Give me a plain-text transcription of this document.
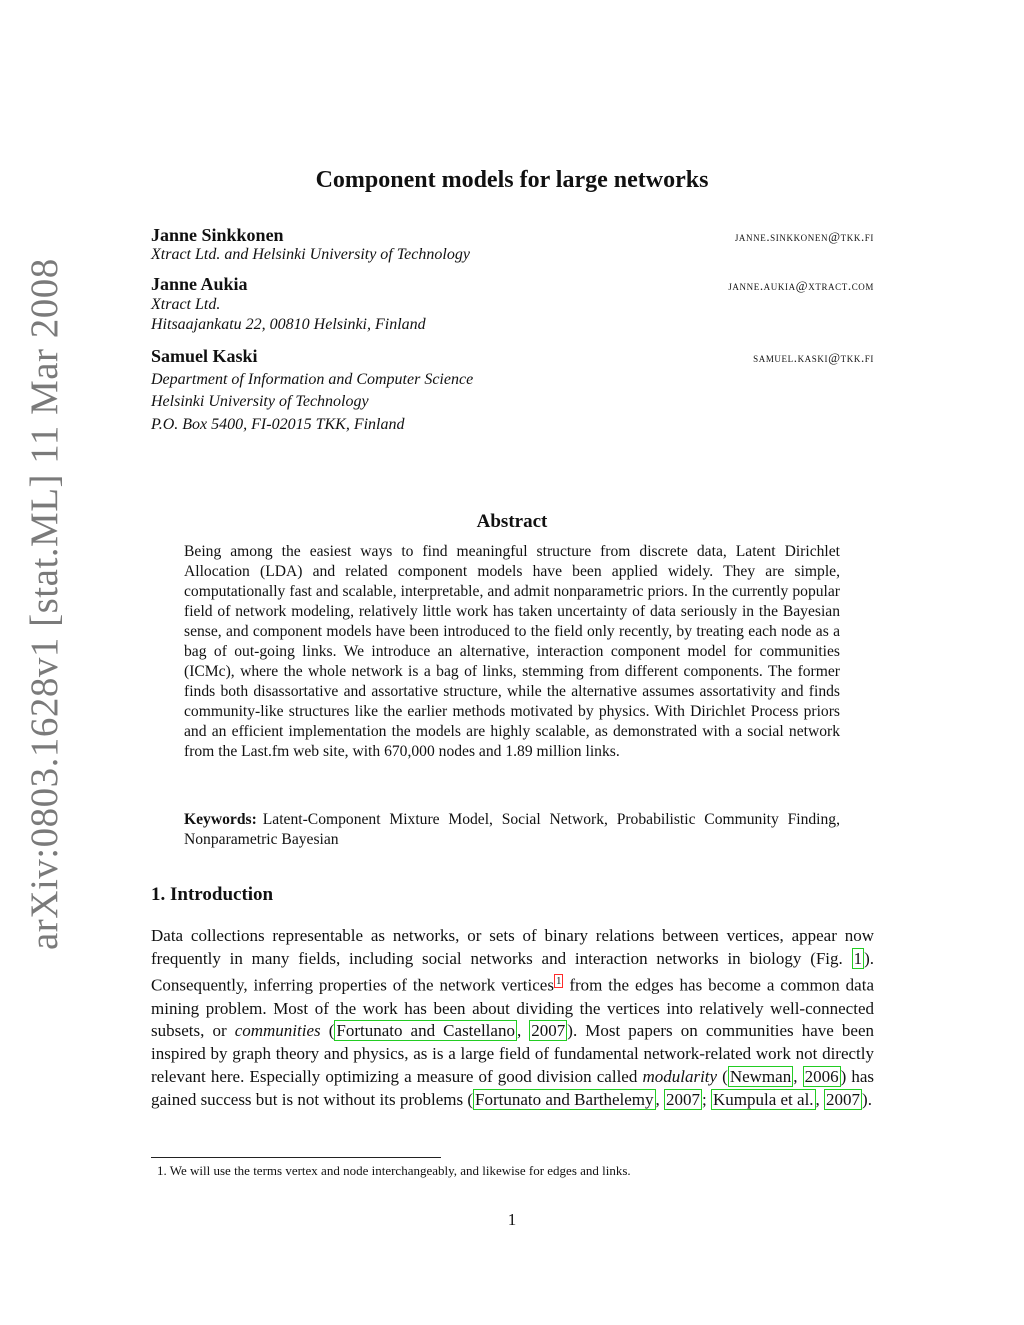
arXiv:0803.1628v1 [stat.ML] 11 Mar 2008
Component models for large networks
Janne Sinkkonen	janne.sinkkonen@tkk.fi
Xtract Ltd. and Helsinki University of Technology
Janne Aukia	janne.aukia@xtract.com
Xtract Ltd.
Hitsaajankatu 22, 00810 Helsinki, Finland
Samuel Kaski	samuel.kaski@tkk.fi
Department of Information and Computer Science
Helsinki University of Technology
P.O. Box 5400, FI-02015 TKK, Finland
Abstract
Being among the easiest ways to find meaningful structure from discrete data, Latent Dirichlet Allocation (LDA) and related component models have been applied widely. They are simple, computationally fast and scalable, interpretable, and admit nonparametric priors. In the currently popular field of network modeling, relatively little work has taken uncertainty of data seriously in the Bayesian sense, and component models have been introduced to the field only recently, by treating each node as a bag of out-going links. We introduce an alternative, interaction component model for communities (ICMc), where the whole network is a bag of links, stemming from different components. The former finds both disassortative and assortative structure, while the alternative assumes assortativity and finds community-like structures like the earlier methods motivated by physics. With Dirichlet Process priors and an efficient implementation the models are highly scalable, as demonstrated with a social network from the Last.fm web site, with 670,000 nodes and 1.89 million links.
Keywords: Latent-Component Mixture Model, Social Network, Probabilistic Community Finding, Nonparametric Bayesian
1. Introduction
Data collections representable as networks, or sets of binary relations between vertices, appear now frequently in many fields, including social networks and interaction networks in biology (Fig. 1 ). Consequently, inferring properties of the network vertices $^1$ from the edges has become a common data mining problem. Most of the work has been about dividing the vertices into relatively well-connected subsets, or communities ( Fortunato and Castellano , 2007 ). Most papers on communities have been inspired by graph theory and physics, as is a large field of fundamental network-related work not directly relevant here. Especially optimizing a measure of good division called modularity ( Newman , 2006 ) has gained success but is not without its problems ( Fortunato and Barthelemy , 2007 ; Kumpula et al. , 2007 ).
1. We will use the terms vertex and node interchangeably, and likewise for edges and links.
1
